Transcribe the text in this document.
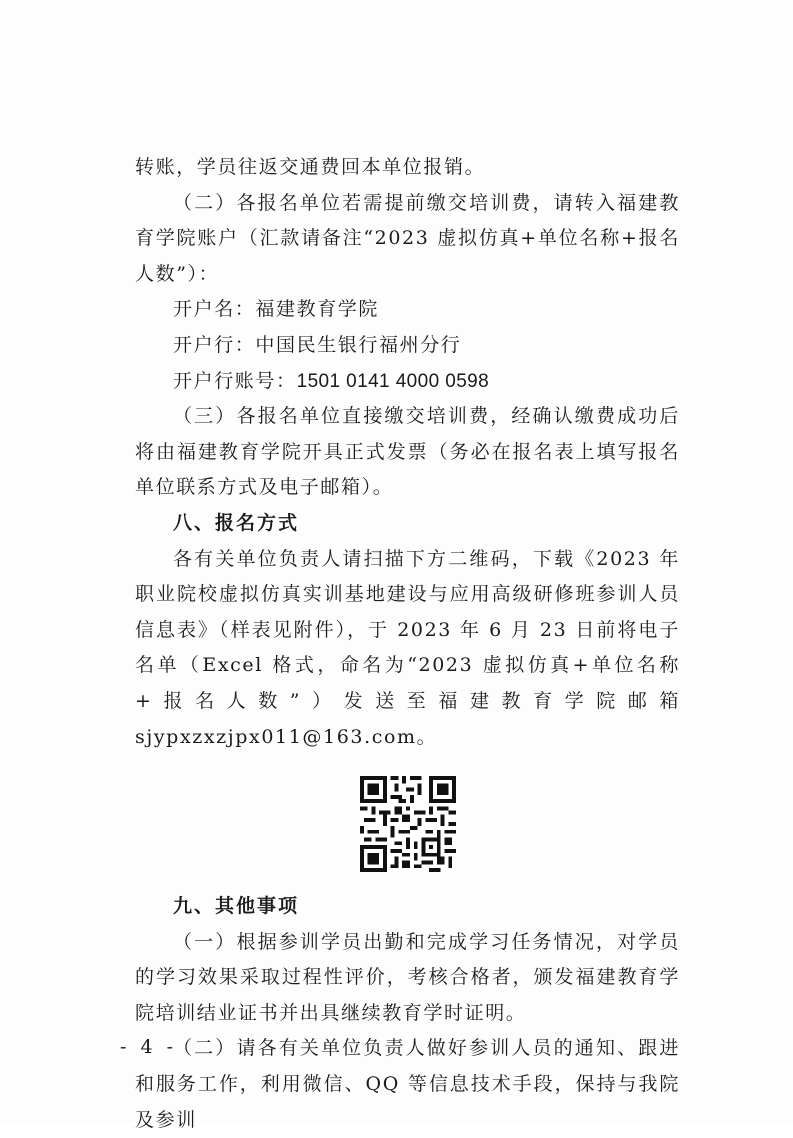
转账，学员往返交通费回本单位报销。

（二）各报名单位若需提前缴交培训费，请转入福建教育学院账户（汇款请备注“2023 虚拟仿真+单位名称+报名人数”）：

开户名：福建教育学院

开户行：中国民生银行福州分行

开户行账号：1501 0141 4000 0598

（三）各报名单位直接缴交培训费，经确认缴费成功后将由福建教育学院开具正式发票（务必在报名表上填写报名单位联系方式及电子邮箱）。

八、报名方式

各有关单位负责人请扫描下方二维码，下载《2023 年职业院校虚拟仿真实训基地建设与应用高级研修班参训人员信息表》（样表见附件），于 2023 年 6 月 23 日前将电子名单（Excel 格式，命名为“2023 虚拟仿真+单位名称+报名人数”）发送至福建教育学院邮箱 sjypxzxzjpx011@163.com。

九、其他事项

（一）根据参训学员出勤和完成学习任务情况，对学员的学习效果采取过程性评价，考核合格者，颁发福建教育学院培训结业证书并出具继续教育学时证明。

（二）请各有关单位负责人做好参训人员的通知、跟进和服务工作，利用微信、QQ 等信息技术手段，保持与我院及参训

- 4 -
